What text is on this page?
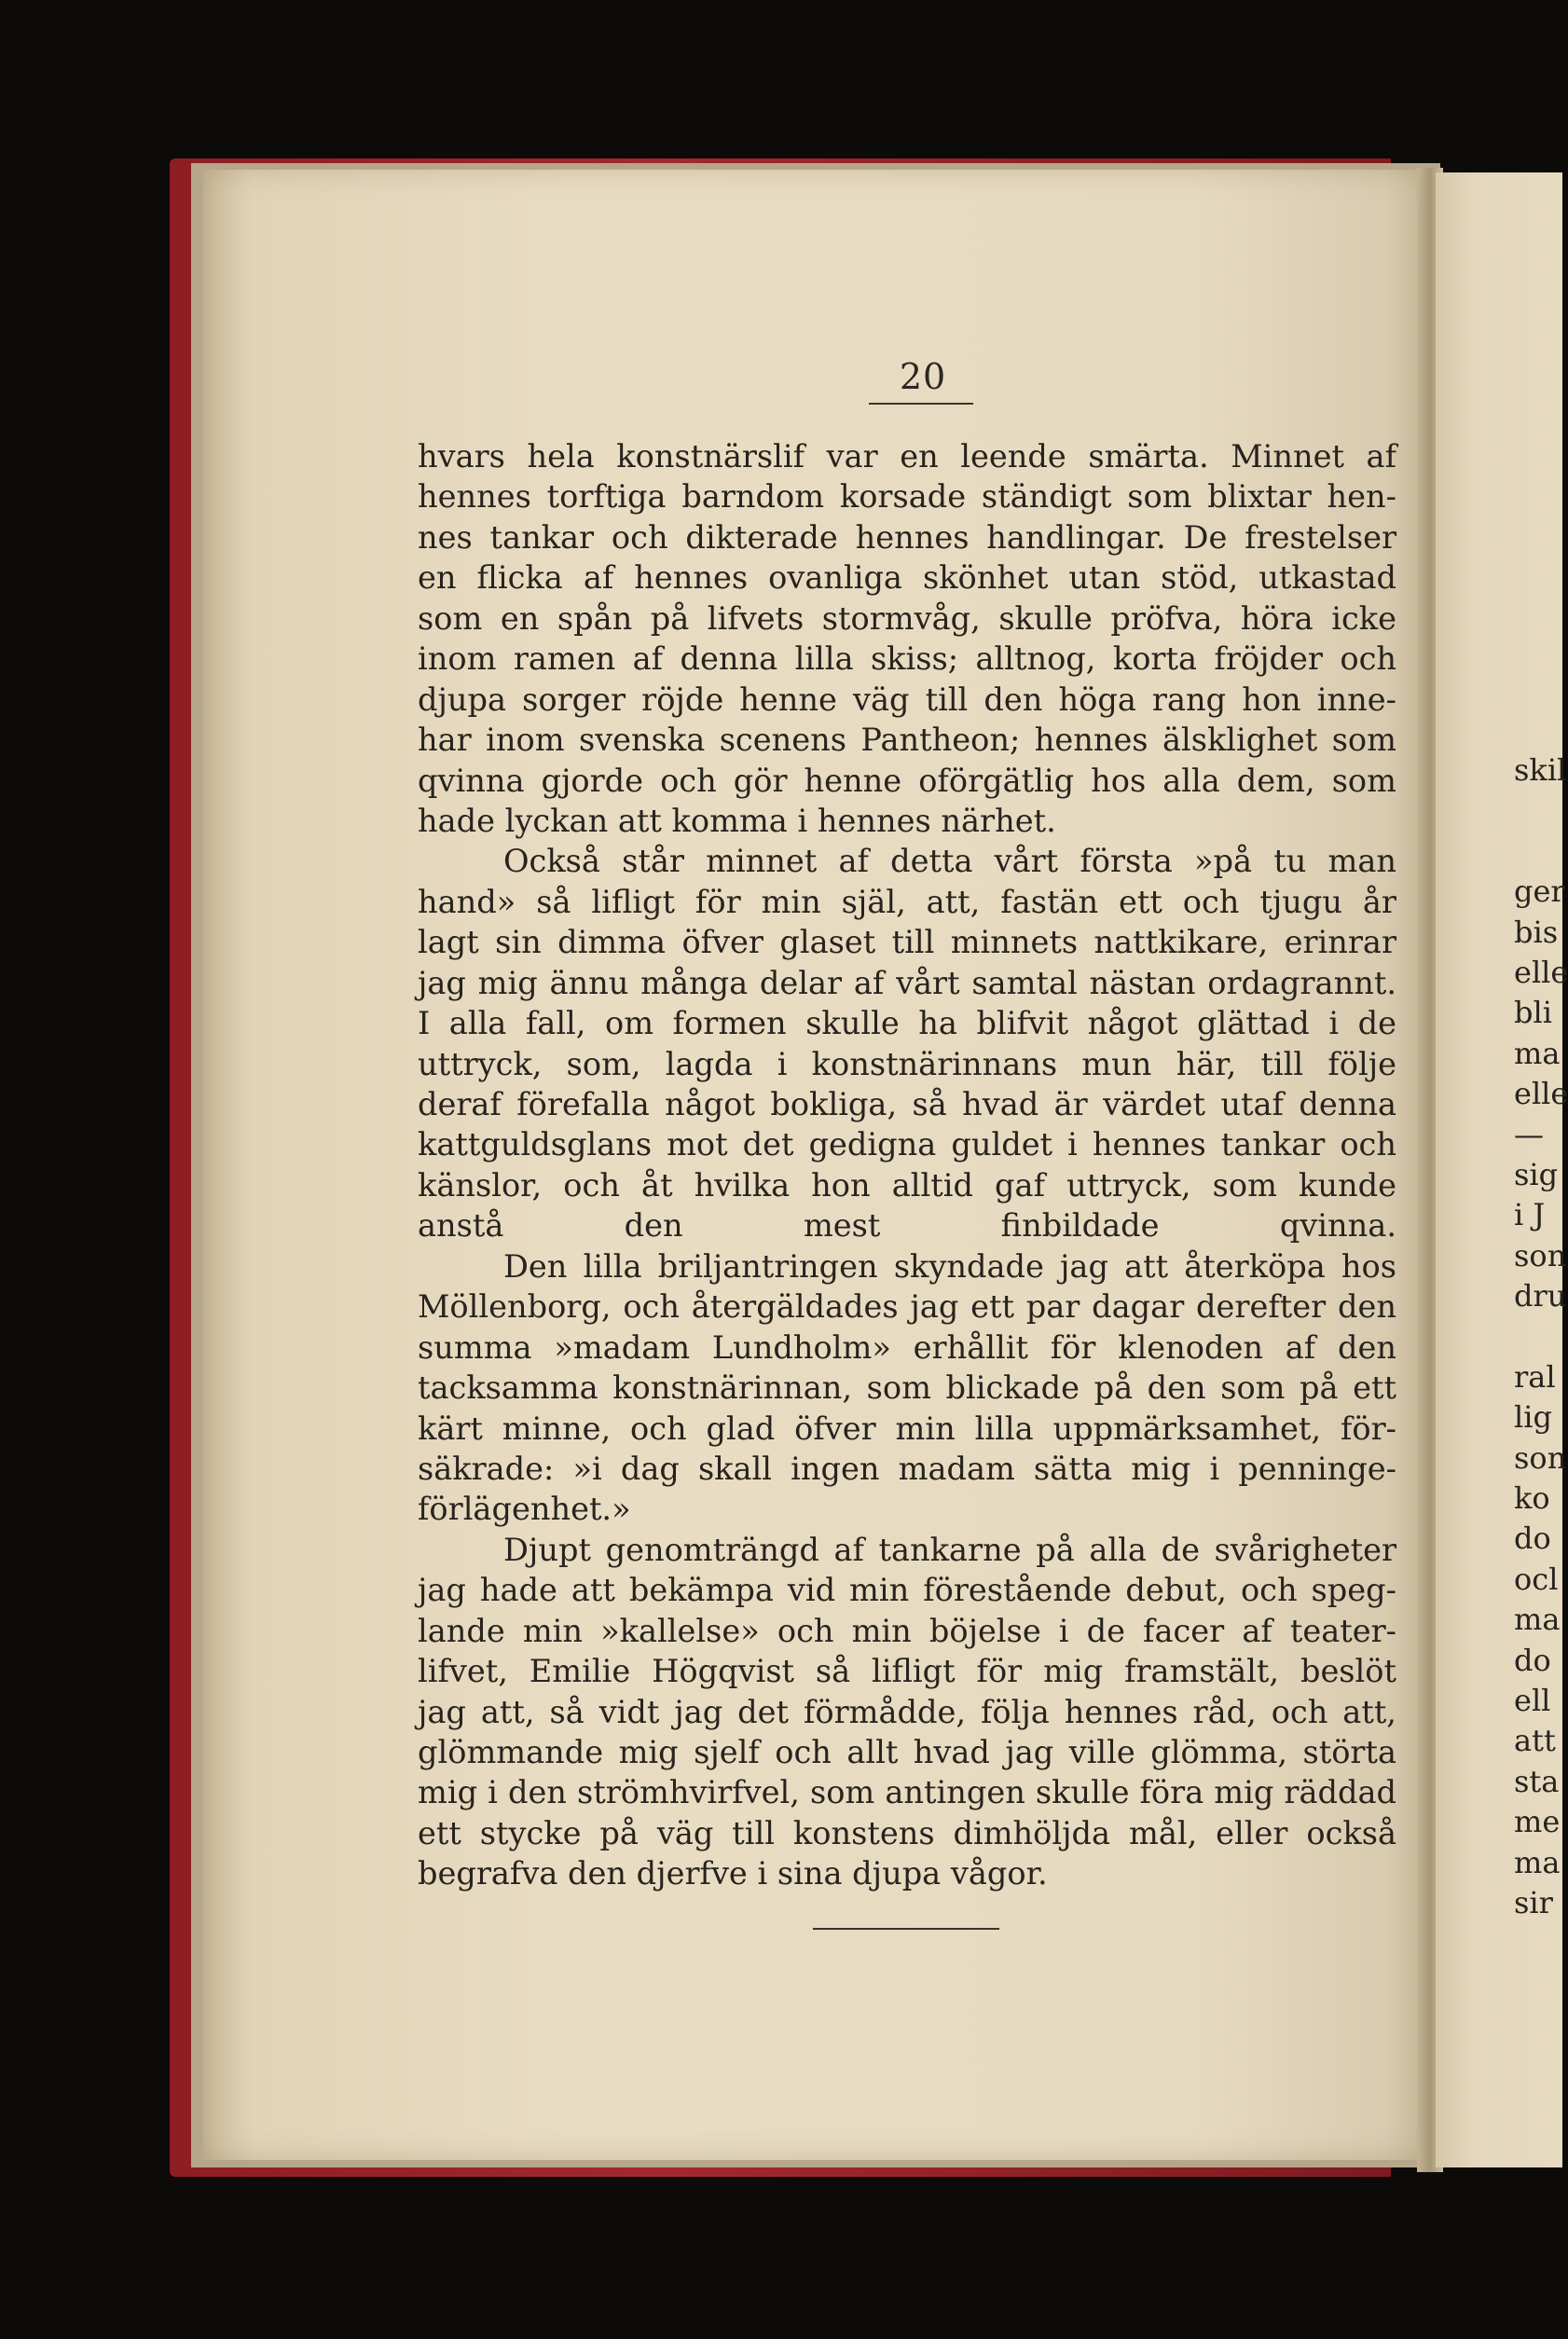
20
hvars hela konstnärslif var en leende smärta. Minnet af
hennes torftiga barndom korsade ständigt som blixtar hen-
nes tankar och dikterade hennes handlingar. De frestelser
en flicka af hennes ovanliga skönhet utan stöd, utkastad
som en spån på lifvets stormvåg, skulle pröfva, höra icke
inom ramen af denna lilla skiss; alltnog, korta fröjder och
djupa sorger röjde henne väg till den höga rang hon inne-
har inom svenska scenens Pantheon; hennes älsklighet som
qvinna gjorde och gör henne oförgätlig hos alla dem, som
hade lyckan att komma i hennes närhet.
Också står minnet af detta vårt första »på tu man
hand» så lifligt för min själ, att, fastän ett och tjugu år
lagt sin dimma öfver glaset till minnets nattkikare, erinrar
jag mig ännu många delar af vårt samtal nästan ordagrannt.
I alla fall, om formen skulle ha blifvit något glättad i de
uttryck, som, lagda i konstnärinnans mun här, till följe
deraf förefalla något bokliga, så hvad är värdet utaf denna
kattguldsglans mot det gedigna guldet i hennes tankar och
känslor, och åt hvilka hon alltid gaf uttryck, som kunde
anstå den mest finbildade qvinna.
Den lilla briljantringen skyndade jag att återköpa hos
Möllenborg, och återgäldades jag ett par dagar derefter den
summa »madam Lundholm» erhållit för klenoden af den
tacksamma konstnärinnan, som blickade på den som på ett
kärt minne, och glad öfver min lilla uppmärksamhet, för-
säkrade: »i dag skall ingen madam sätta mig i penninge-
förlägenhet.»
Djupt genomträngd af tankarne på alla de svårigheter
jag hade att bekämpa vid min förestående debut, och speg-
lande min »kallelse» och min böjelse i de facer af teater-
lifvet, Emilie Högqvist så lifligt för mig framstält, beslöt
jag att, så vidt jag det förmådde, följa hennes råd, och att,
glömmande mig sjelf och allt hvad jag ville glömma, störta
mig i den strömhvirfvel, som antingen skulle föra mig räddad
ett stycke på väg till konstens dimhöljda mål, eller också
begrafva den djerfve i sina djupa vågor.
skil
ger
bis
elle
bli
ma
elle
—
sig
i J
son
dru
ral
lig
son
ko
do
ocl
ma
do
ell
att
sta
me
ma
sir
